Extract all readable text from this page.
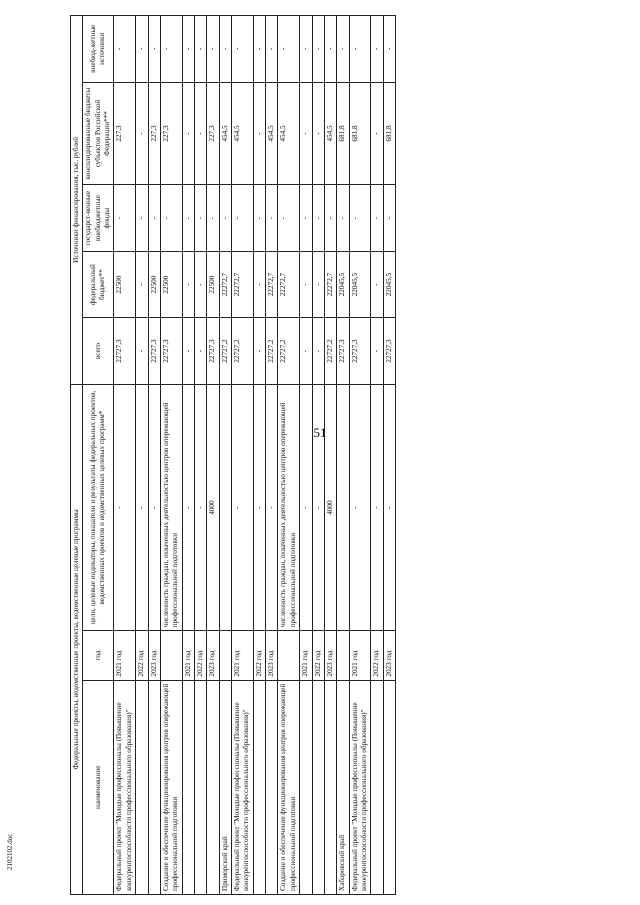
51
2102102.doc
Федеральные проекты, ведомственные проекты, ведомственные целевые программы			Источники финансирования, тыс. рублей				
наименование	год	цели, целевые индикаторы, показатели и результаты федеральных проектов, ведомственных проектов и ведомственных целевых программ*	всего	федеральный бюджет**	государст-венные внебюджетные фонды	консолидированные бюджеты субъектов Российской Федерации***	внебюд-жетные источники
Федеральный проект "Молодые профессионалы (Повышение конкурентоспособности профессионального образования)"	2021 год	-	22727,3	22500	-	227,3	-
	2022 год	-	-	-	-	-	-
	2023 год	-	22727,3	22500	-	227,3	-
Создание и обеспечение функционирования центров опережающей профессиональной подготовки		численность граждан, охваченных деятельностью центров опережающей профессиональной подготовки	22727,3	22500	-	227,3	-
	2021 год	-	-	-	-	-	-
	2022 год	-	-	-	-	-	-
	2023 год	4000	22727,3	22500	-	227,3	-
Приморский край			22727,2	22272,7	-	454,5	-
Федеральный проект "Молодые профессионалы (Повышение конкурентоспособности профессионального образования)"	2021 год	-	22727,2	22272,7	-	454,5	-
	2022 год	-	-	-	-	-	-
	2023 год	-	22727,2	22272,7	-	454,5	-
Создание и обеспечение функционирования центров опережающей профессиональной подготовки		численность граждан, охваченных деятельностью центров опережающей профессиональной подготовки	22727,2	22272,7	-	454,5	-
	2021 год	-	-	-	-	-	-
	2022 год	-	-	-	-	-	-
	2023 год	4000	22727,2	22272,7	-	454,5	-
Хабаровский край			22727,3	22045,5	-	681,8	-
Федеральный проект "Молодые профессионалы (Повышение конкурентоспособности профессионального образования)"	2021 год	-	22727,3	22045,5	-	681,8	-
	2022 год	-	-	-	-	-	-
	2023 год	-	22727,3	22045,5	-	681,8	-
